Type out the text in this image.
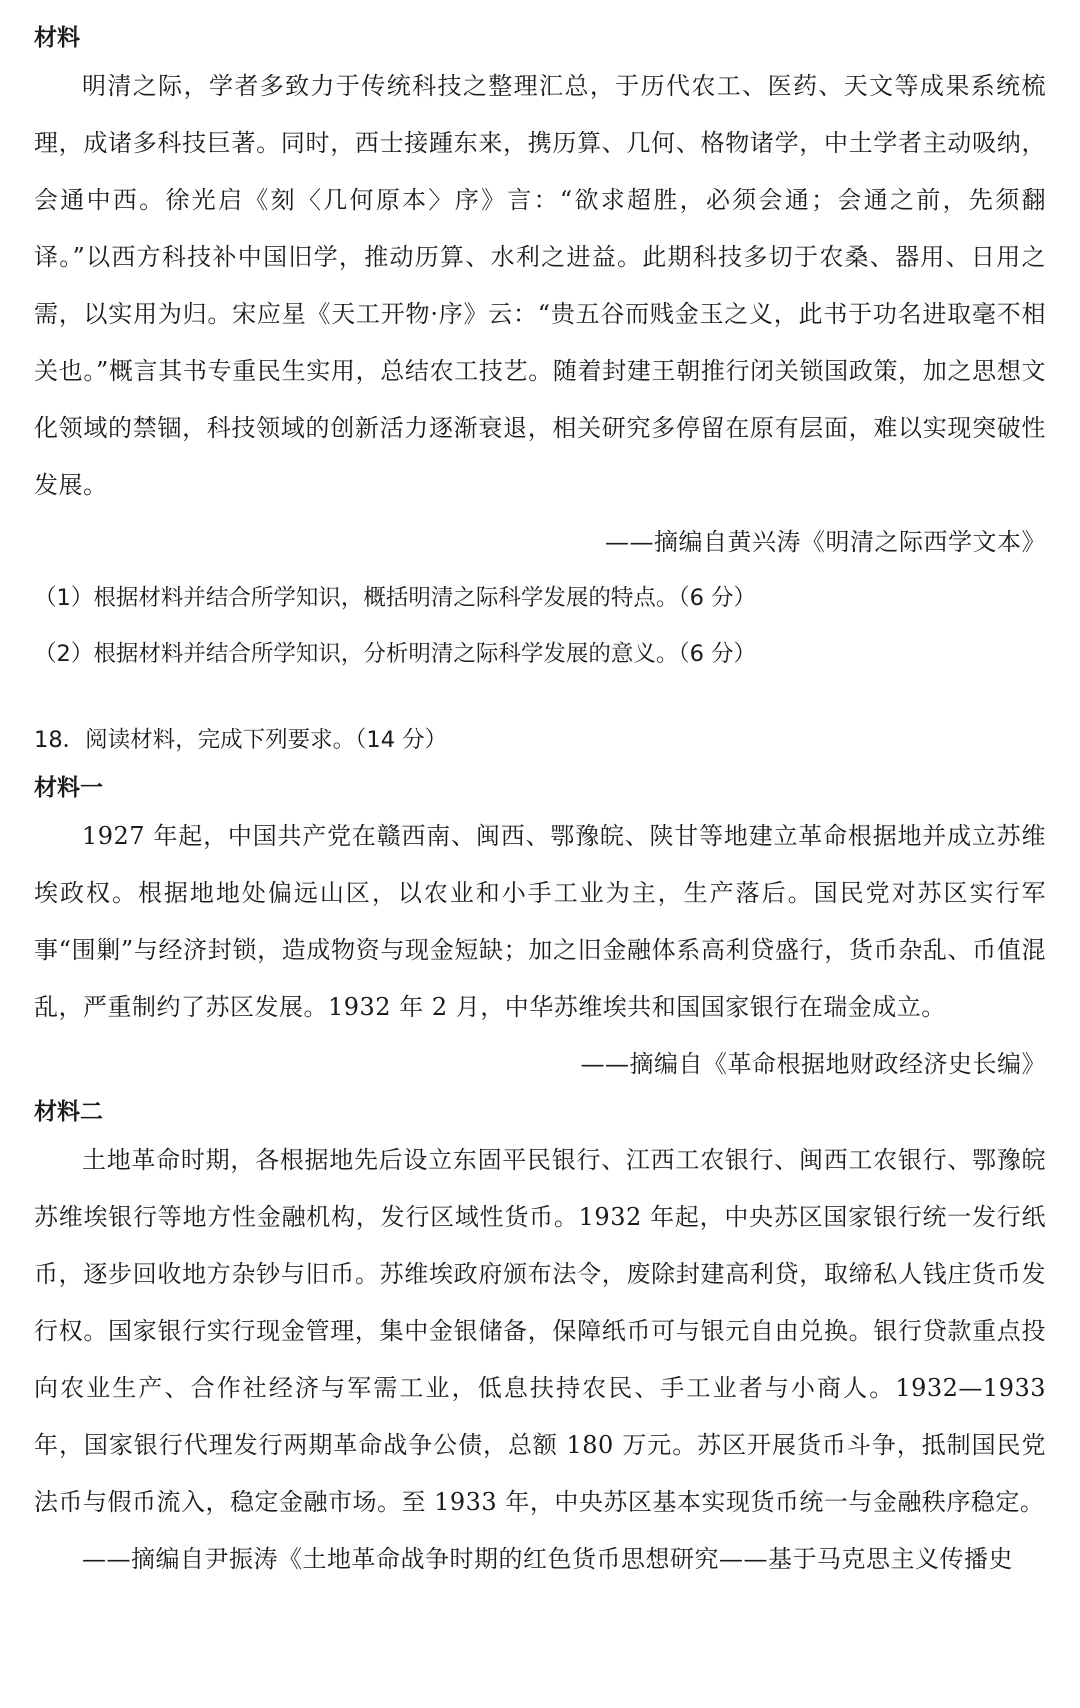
材料

明清之际，学者多致力于传统科技之整理汇总，于历代农工、医药、天文等成果系统梳理，成诸多科技巨著。同时，西士接踵东来，携历算、几何、格物诸学，中土学者主动吸纳，会通中西。徐光启《刻〈几何原本〉序》言：“欲求超胜，必须会通；会通之前，先须翻译。”以西方科技补中国旧学，推动历算、水利之进益。此期科技多切于农桑、器用、日用之需，以实用为归。宋应星《天工开物·序》云：“贵五谷而贱金玉之义，此书于功名进取毫不相关也。”概言其书专重民生实用，总结农工技艺。随着封建王朝推行闭关锁国政策，加之思想文化领域的禁锢，科技领域的创新活力逐渐衰退，相关研究多停留在原有层面，难以实现突破性发展。

——摘编自黄兴涛《明清之际西学文本》

（1）根据材料并结合所学知识，概括明清之际科学发展的特点。（6 分）

（2）根据材料并结合所学知识，分析明清之际科学发展的意义。（6 分）

18．阅读材料，完成下列要求。（14 分）

材料一

1927 年起，中国共产党在赣西南、闽西、鄂豫皖、陕甘等地建立革命根据地并成立苏维埃政权。根据地地处偏远山区，以农业和小手工业为主，生产落后。国民党对苏区实行军事“围剿”与经济封锁，造成物资与现金短缺；加之旧金融体系高利贷盛行，货币杂乱、币值混乱，严重制约了苏区发展。1932 年 2 月，中华苏维埃共和国国家银行在瑞金成立。

——摘编自《革命根据地财政经济史长编》

材料二

土地革命时期，各根据地先后设立东固平民银行、江西工农银行、闽西工农银行、鄂豫皖苏维埃银行等地方性金融机构，发行区域性货币。1932 年起，中央苏区国家银行统一发行纸币，逐步回收地方杂钞与旧币。苏维埃政府颁布法令，废除封建高利贷，取缔私人钱庄货币发行权。国家银行实行现金管理，集中金银储备，保障纸币可与银元自由兑换。银行贷款重点投向农业生产、合作社经济与军需工业，低息扶持农民、手工业者与小商人。1932—1933 年，国家银行代理发行两期革命战争公债，总额 180 万元。苏区开展货币斗争，抵制国民党法币与假币流入，稳定金融市场。至 1933 年，中央苏区基本实现货币统一与金融秩序稳定。

——摘编自尹振涛《土地革命战争时期的红色货币思想研究——基于马克思主义传播史
